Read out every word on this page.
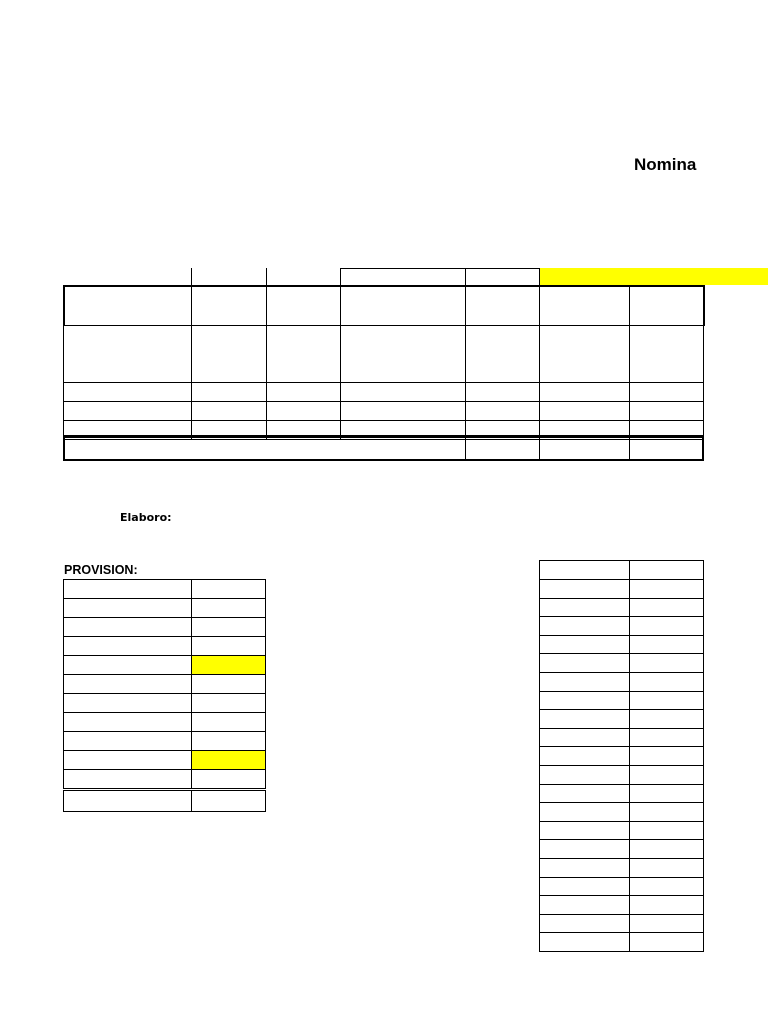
Nomina
Elaboro:
PROVISION:
